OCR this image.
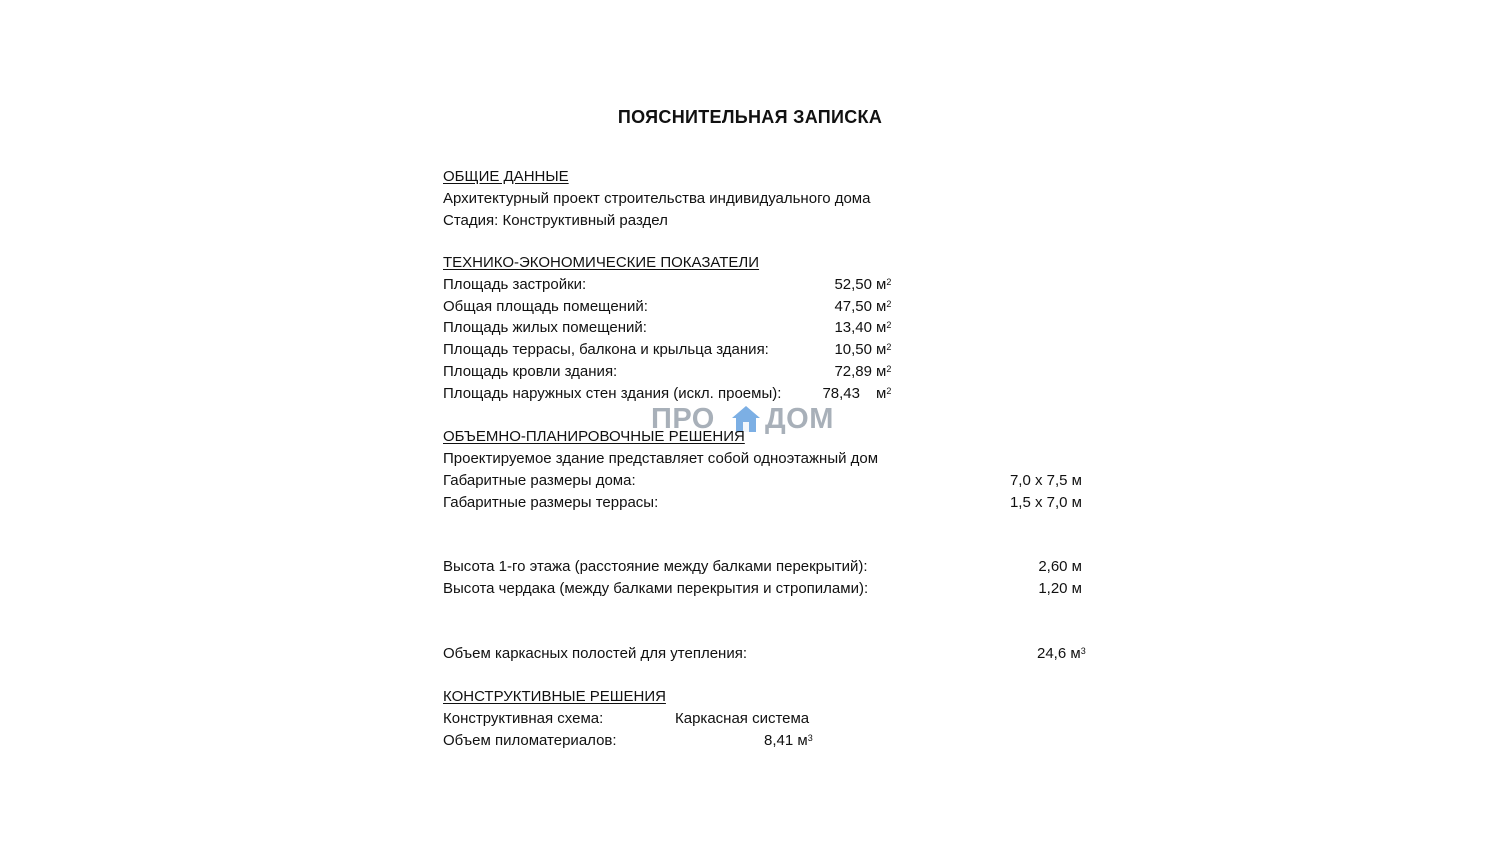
ПОЯСНИТЕЛЬНАЯ ЗАПИСКА
ОБЩИЕ ДАННЫЕ
Архитектурный проект строительства индивидуального дома
Стадия: Конструктивный раздел
ТЕХНИКО-ЭКОНОМИЧЕСКИЕ ПОКАЗАТЕЛИ
Площадь застройки:	52,50 $м^2$
Общая площадь помещений:	47,50 $м^2$
Площадь жилых помещений:	13,40 $м^2$
Площадь террасы, балкона и крыльца здания:	10,50 $м^2$
Площадь кровли здания:	72,89 $м^2$
Площадь наружных стен здания (искл. проемы):	78,43 $м^2$
ПРО ДОМ
ОБЪЕМНО-ПЛАНИРОВОЧНЫЕ РЕШЕНИЯ
Проектируемое здание представляет собой одноэтажный дом
Габаритные размеры дома:	7,0 х 7,5 м
Габаритные размеры террасы:	1,5 х 7,0 м
Высота 1-го этажа (расстояние между балками перекрытий):	2,60 м
Высота чердака (между балками перекрытия и стропилами):	1,20 м
Объем каркасных полостей для утепления:	24,6 $м^3$
КОНСТРУКТИВНЫЕ РЕШЕНИЯ
Конструктивная схема:	Каркасная система
Объем пиломатериалов:	8,41 $м^3$
